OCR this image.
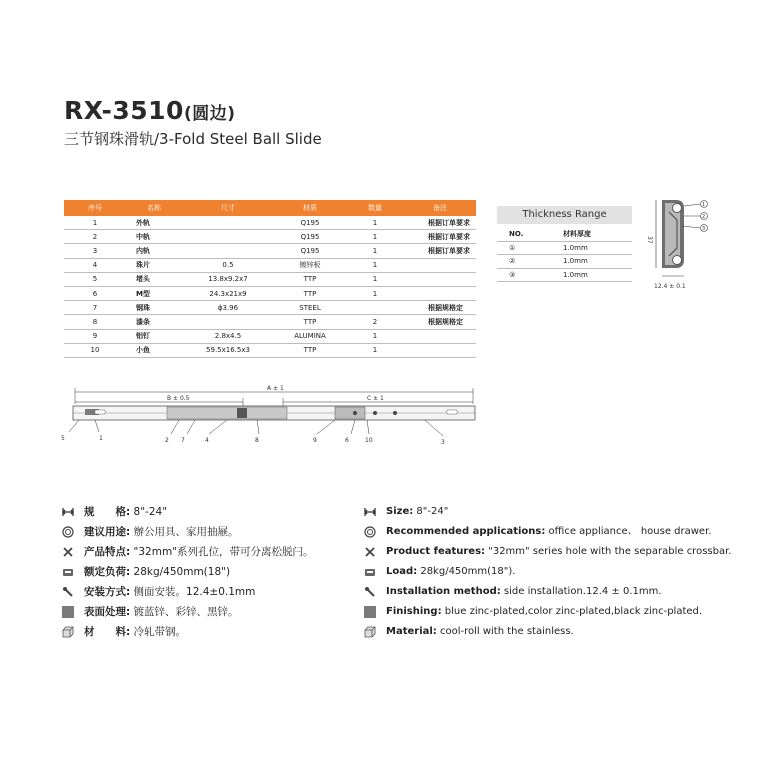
RX-3510(圆边)
三节钢珠滑轨/3-Fold Steel Ball Slide
序号	名称	尺寸	材质	数量	备注
1	外轨		Q195	1	根据订单要求
2	中轨		Q195	1	根据订单要求
3	内轨		Q195	1	根据订单要求
4	珠片	0.5	镀锌板	1	
5	堵头	13.8x9.2x7	TTP	1	
6	M型	24.3x21x9	TTP	1	
7	钢珠	ɸ3.96	STEEL		根据规格定
8	漆条		TTP	2	根据规格定
9	铝钉	2.8x4.5	ALUMINA	1	
10	小鱼	59.5x16.5x3	TTP	1	
Thickness Range
NO.	材料厚度
①	1.0mm
②	1.0mm
③	1.0mm
37
12.4 ± 0.1
1
2
3
A ± 1
B ± 0.5	C ± 1
5	1	2 7	4	8	9	6	10	3
规　　格: 8"-24"
建议用途: 辦公用具、家用抽屜。
产品特点: "32mm"系列孔位，带可分离松脱闩。
额定负荷: 28kg/450mm(18")
安装方式: 侧面安装。12.4±0.1mm
表面处理: 镀蓝锌、彩锌、黑锌。
材　　料: 冷轧带钢。
Size: 8"-24"
Recommended applications: office appliance、 house drawer.
Product features: "32mm" series hole with the separable crossbar.
Load: 28kg/450mm(18").
Installation method: side installation.12.4 ± 0.1mm.
Finishing: blue zinc-plated,color zinc-plated,black zinc-plated.
Material: cool-roll with the stainless.
